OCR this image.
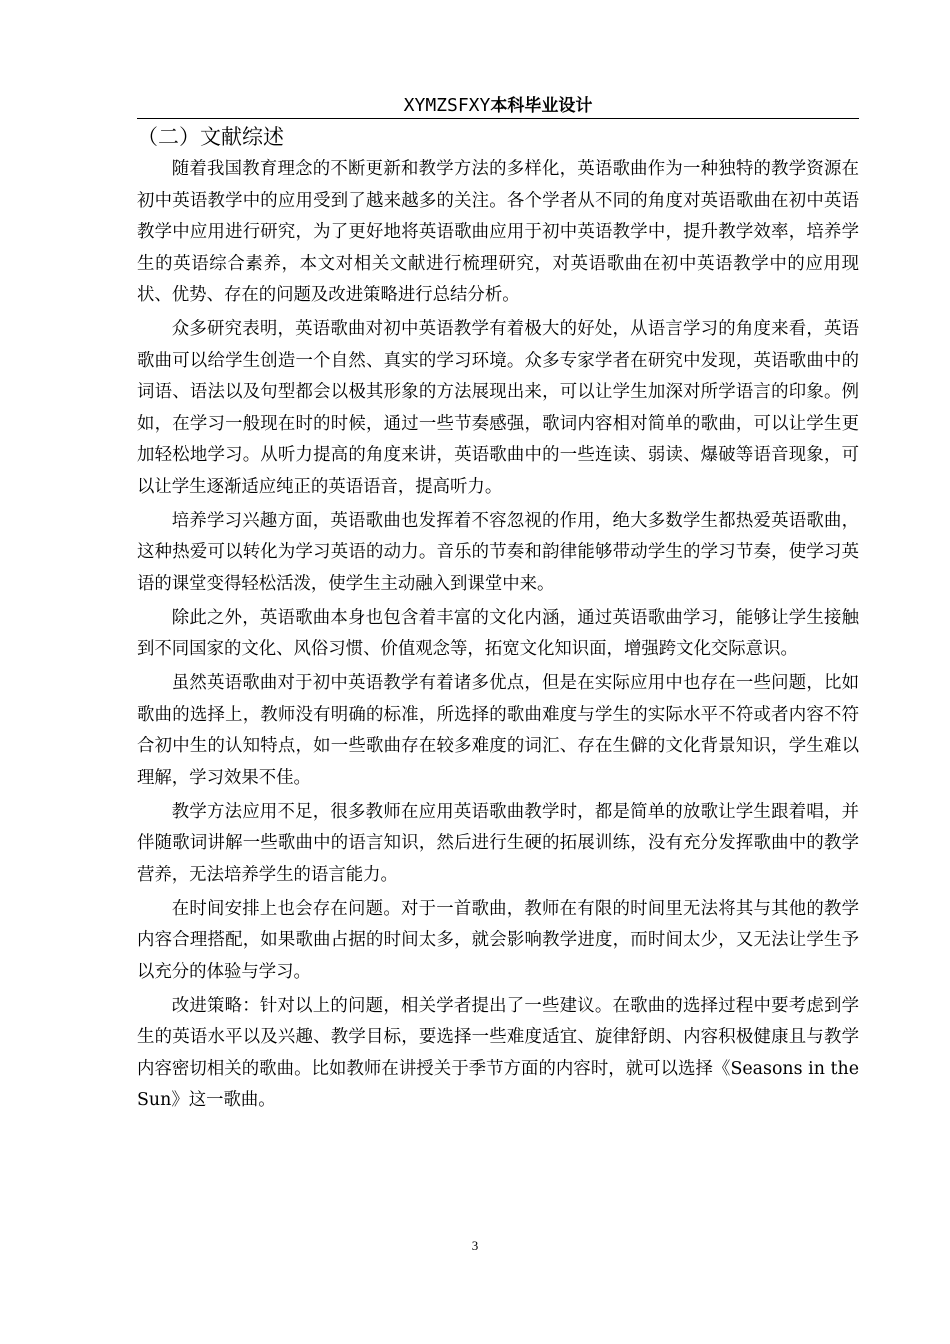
XYMZSFXY本科毕业设计
（二）文献综述

随着我国教育理念的不断更新和教学方法的多样化，英语歌曲作为一种独特的教学资源在初中英语教学中的应用受到了越来越多的关注。各个学者从不同的角度对英语歌曲在初中英语教学中应用进行研究，为了更好地将英语歌曲应用于初中英语教学中，提升教学效率，培养学生的英语综合素养，本文对相关文献进行梳理研究，对英语歌曲在初中英语教学中的应用现状、优势、存在的问题及改进策略进行总结分析。

众多研究表明，英语歌曲对初中英语教学有着极大的好处，从语言学习的角度来看，英语歌曲可以给学生创造一个自然、真实的学习环境。众多专家学者在研究中发现，英语歌曲中的词语、语法以及句型都会以极其形象的方法展现出来，可以让学生加深对所学语言的印象。例如，在学习一般现在时的时候，通过一些节奏感强，歌词内容相对简单的歌曲，可以让学生更加轻松地学习。从听力提高的角度来讲，英语歌曲中的一些连读、弱读、爆破等语音现象，可以让学生逐渐适应纯正的英语语音，提高听力。

培养学习兴趣方面，英语歌曲也发挥着不容忽视的作用，绝大多数学生都热爱英语歌曲，这种热爱可以转化为学习英语的动力。音乐的节奏和韵律能够带动学生的学习节奏，使学习英语的课堂变得轻松活泼，使学生主动融入到课堂中来。

除此之外，英语歌曲本身也包含着丰富的文化内涵，通过英语歌曲学习，能够让学生接触到不同国家的文化、风俗习惯、价值观念等，拓宽文化知识面，增强跨文化交际意识。

虽然英语歌曲对于初中英语教学有着诸多优点，但是在实际应用中也存在一些问题，比如歌曲的选择上，教师没有明确的标准，所选择的歌曲难度与学生的实际水平不符或者内容不符合初中生的认知特点，如一些歌曲存在较多难度的词汇、存在生僻的文化背景知识，学生难以理解，学习效果不佳。

教学方法应用不足，很多教师在应用英语歌曲教学时，都是简单的放歌让学生跟着唱，并伴随歌词讲解一些歌曲中的语言知识，然后进行生硬的拓展训练，没有充分发挥歌曲中的教学营养，无法培养学生的语言能力。

在时间安排上也会存在问题。对于一首歌曲，教师在有限的时间里无法将其与其他的教学内容合理搭配，如果歌曲占据的时间太多，就会影响教学进度，而时间太少，又无法让学生予以充分的体验与学习。

改进策略：针对以上的问题，相关学者提出了一些建议。在歌曲的选择过程中要考虑到学生的英语水平以及兴趣、教学目标，要选择一些难度适宜、旋律舒朗、内容积极健康且与教学内容密切相关的歌曲。比如教师在讲授关于季节方面的内容时，就可以选择《Seasons in the Sun》这一歌曲。

3
